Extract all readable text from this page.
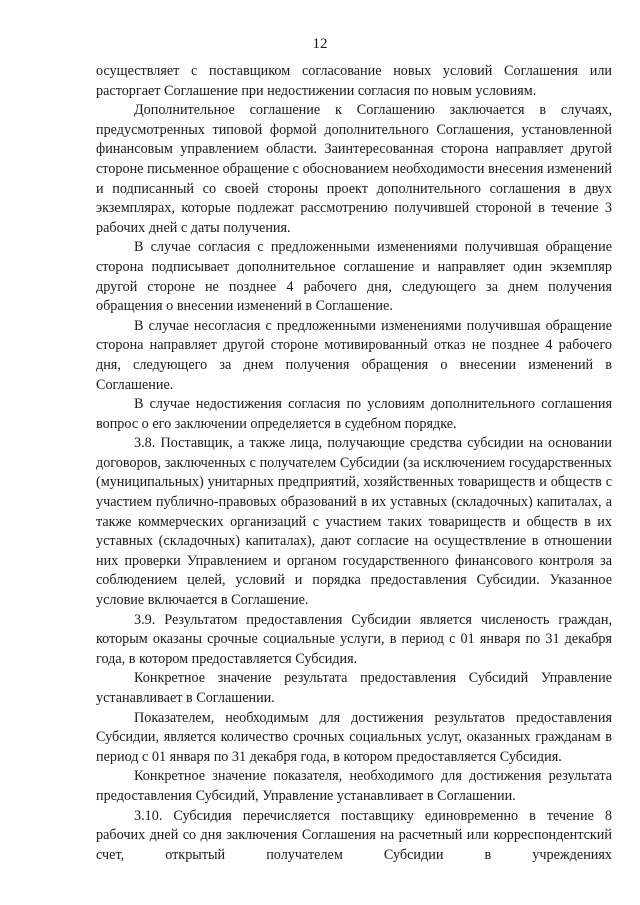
12

осуществляет с поставщиком согласование новых условий Соглашения или расторгает Соглашение при недостижении согласия по новым условиям.

Дополнительное соглашение к Соглашению заключается в случаях, предусмотренных типовой формой дополнительного Соглашения, установленной финансовым управлением области. Заинтересованная сторона направляет другой стороне письменное обращение с обоснованием необходимости внесения изменений и подписанный со своей стороны проект дополнительного соглашения в двух экземплярах, которые подлежат рассмотрению получившей стороной в течение 3 рабочих дней с даты получения.

В случае согласия с предложенными изменениями получившая обращение сторона подписывает дополнительное соглашение и направляет один экземпляр другой стороне не позднее 4 рабочего дня, следующего за днем получения обращения о внесении изменений в Соглашение.

В случае несогласия с предложенными изменениями получившая обращение сторона направляет другой стороне мотивированный отказ не позднее 4 рабочего дня, следующего за днем получения обращения о внесении изменений в Соглашение.

В случае недостижения согласия по условиям дополнительного соглашения вопрос о его заключении определяется в судебном порядке.

3.8. Поставщик, а также лица, получающие средства субсидии на основании договоров, заключенных с получателем Субсидии (за исключением государственных (муниципальных) унитарных предприятий, хозяйственных товариществ и обществ с участием публично-правовых образований в их уставных (складочных) капиталах, а также коммерческих организаций с участием таких товариществ и обществ в их уставных (складочных) капиталах), дают согласие на осуществление в отношении них проверки Управлением и органом государственного финансового контроля за соблюдением целей, условий и порядка предоставления Субсидии. Указанное условие включается в Соглашение.

3.9. Результатом предоставления Субсидии является численость граждан, которым оказаны срочные социальные услуги, в период с 01 января по 31 декабря года, в котором предоставляется Субсидия.

Конкретное значение результата предоставления Субсидий Управление устанавливает в Соглашении.

Показателем, необходимым для достижения результатов предоставления Субсидии, является количество срочных социальных услуг, оказанных гражданам в период с 01 января по 31 декабря года, в котором предоставляется Субсидия.

Конкретное значение показателя, необходимого для достижения результата предоставления Субсидий, Управление устанавливает в Соглашении.

3.10. Субсидия перечисляется поставщику единовременно в течение 8 рабочих дней со дня заключения Соглашения на расчетный или корреспондентский счет, открытый получателем Субсидии в учреждениях
